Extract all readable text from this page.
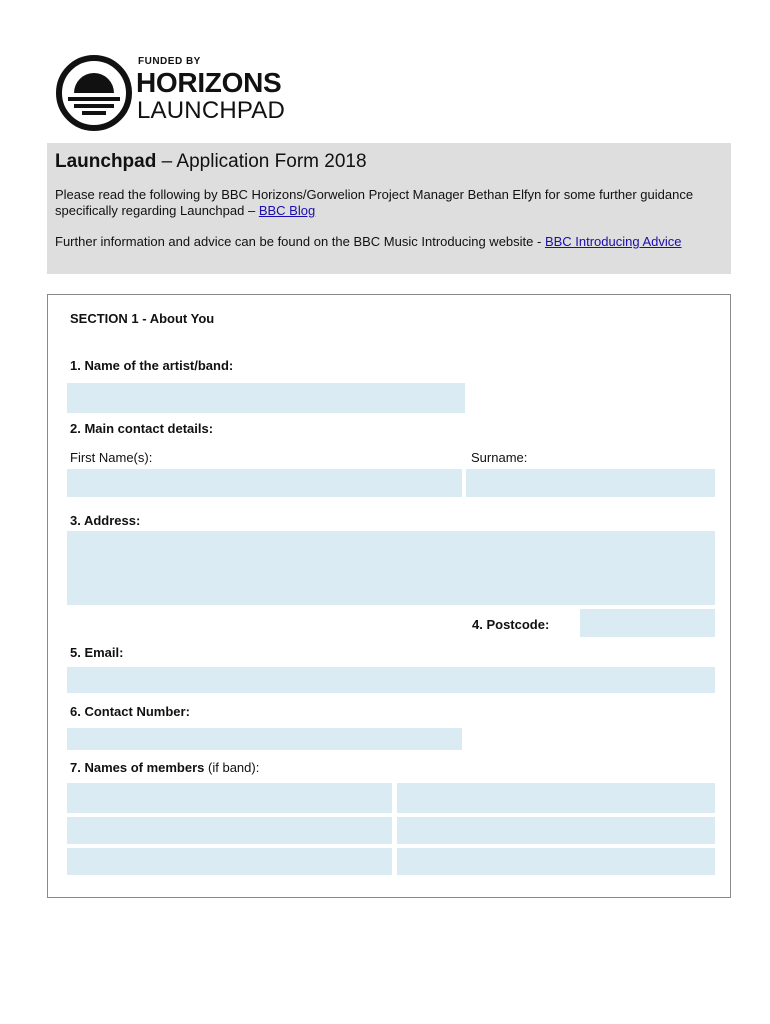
FUNDED BY
HORIZONS
LAUNCHPAD
Launchpad – Application Form 2018

Please read the following by BBC Horizons/Gorwelion Project Manager Bethan Elfyn for some further guidance specifically regarding Launchpad – BBC Blog

Further information and advice can be found on the BBC Music Introducing website - BBC Introducing Advice

SECTION 1 - About You
1. Name of the artist/band:
2. Main contact details:
First Name(s):	Surname:
3. Address:
4. Postcode:
5. Email:
6. Contact Number:
7. Names of members (if band):
